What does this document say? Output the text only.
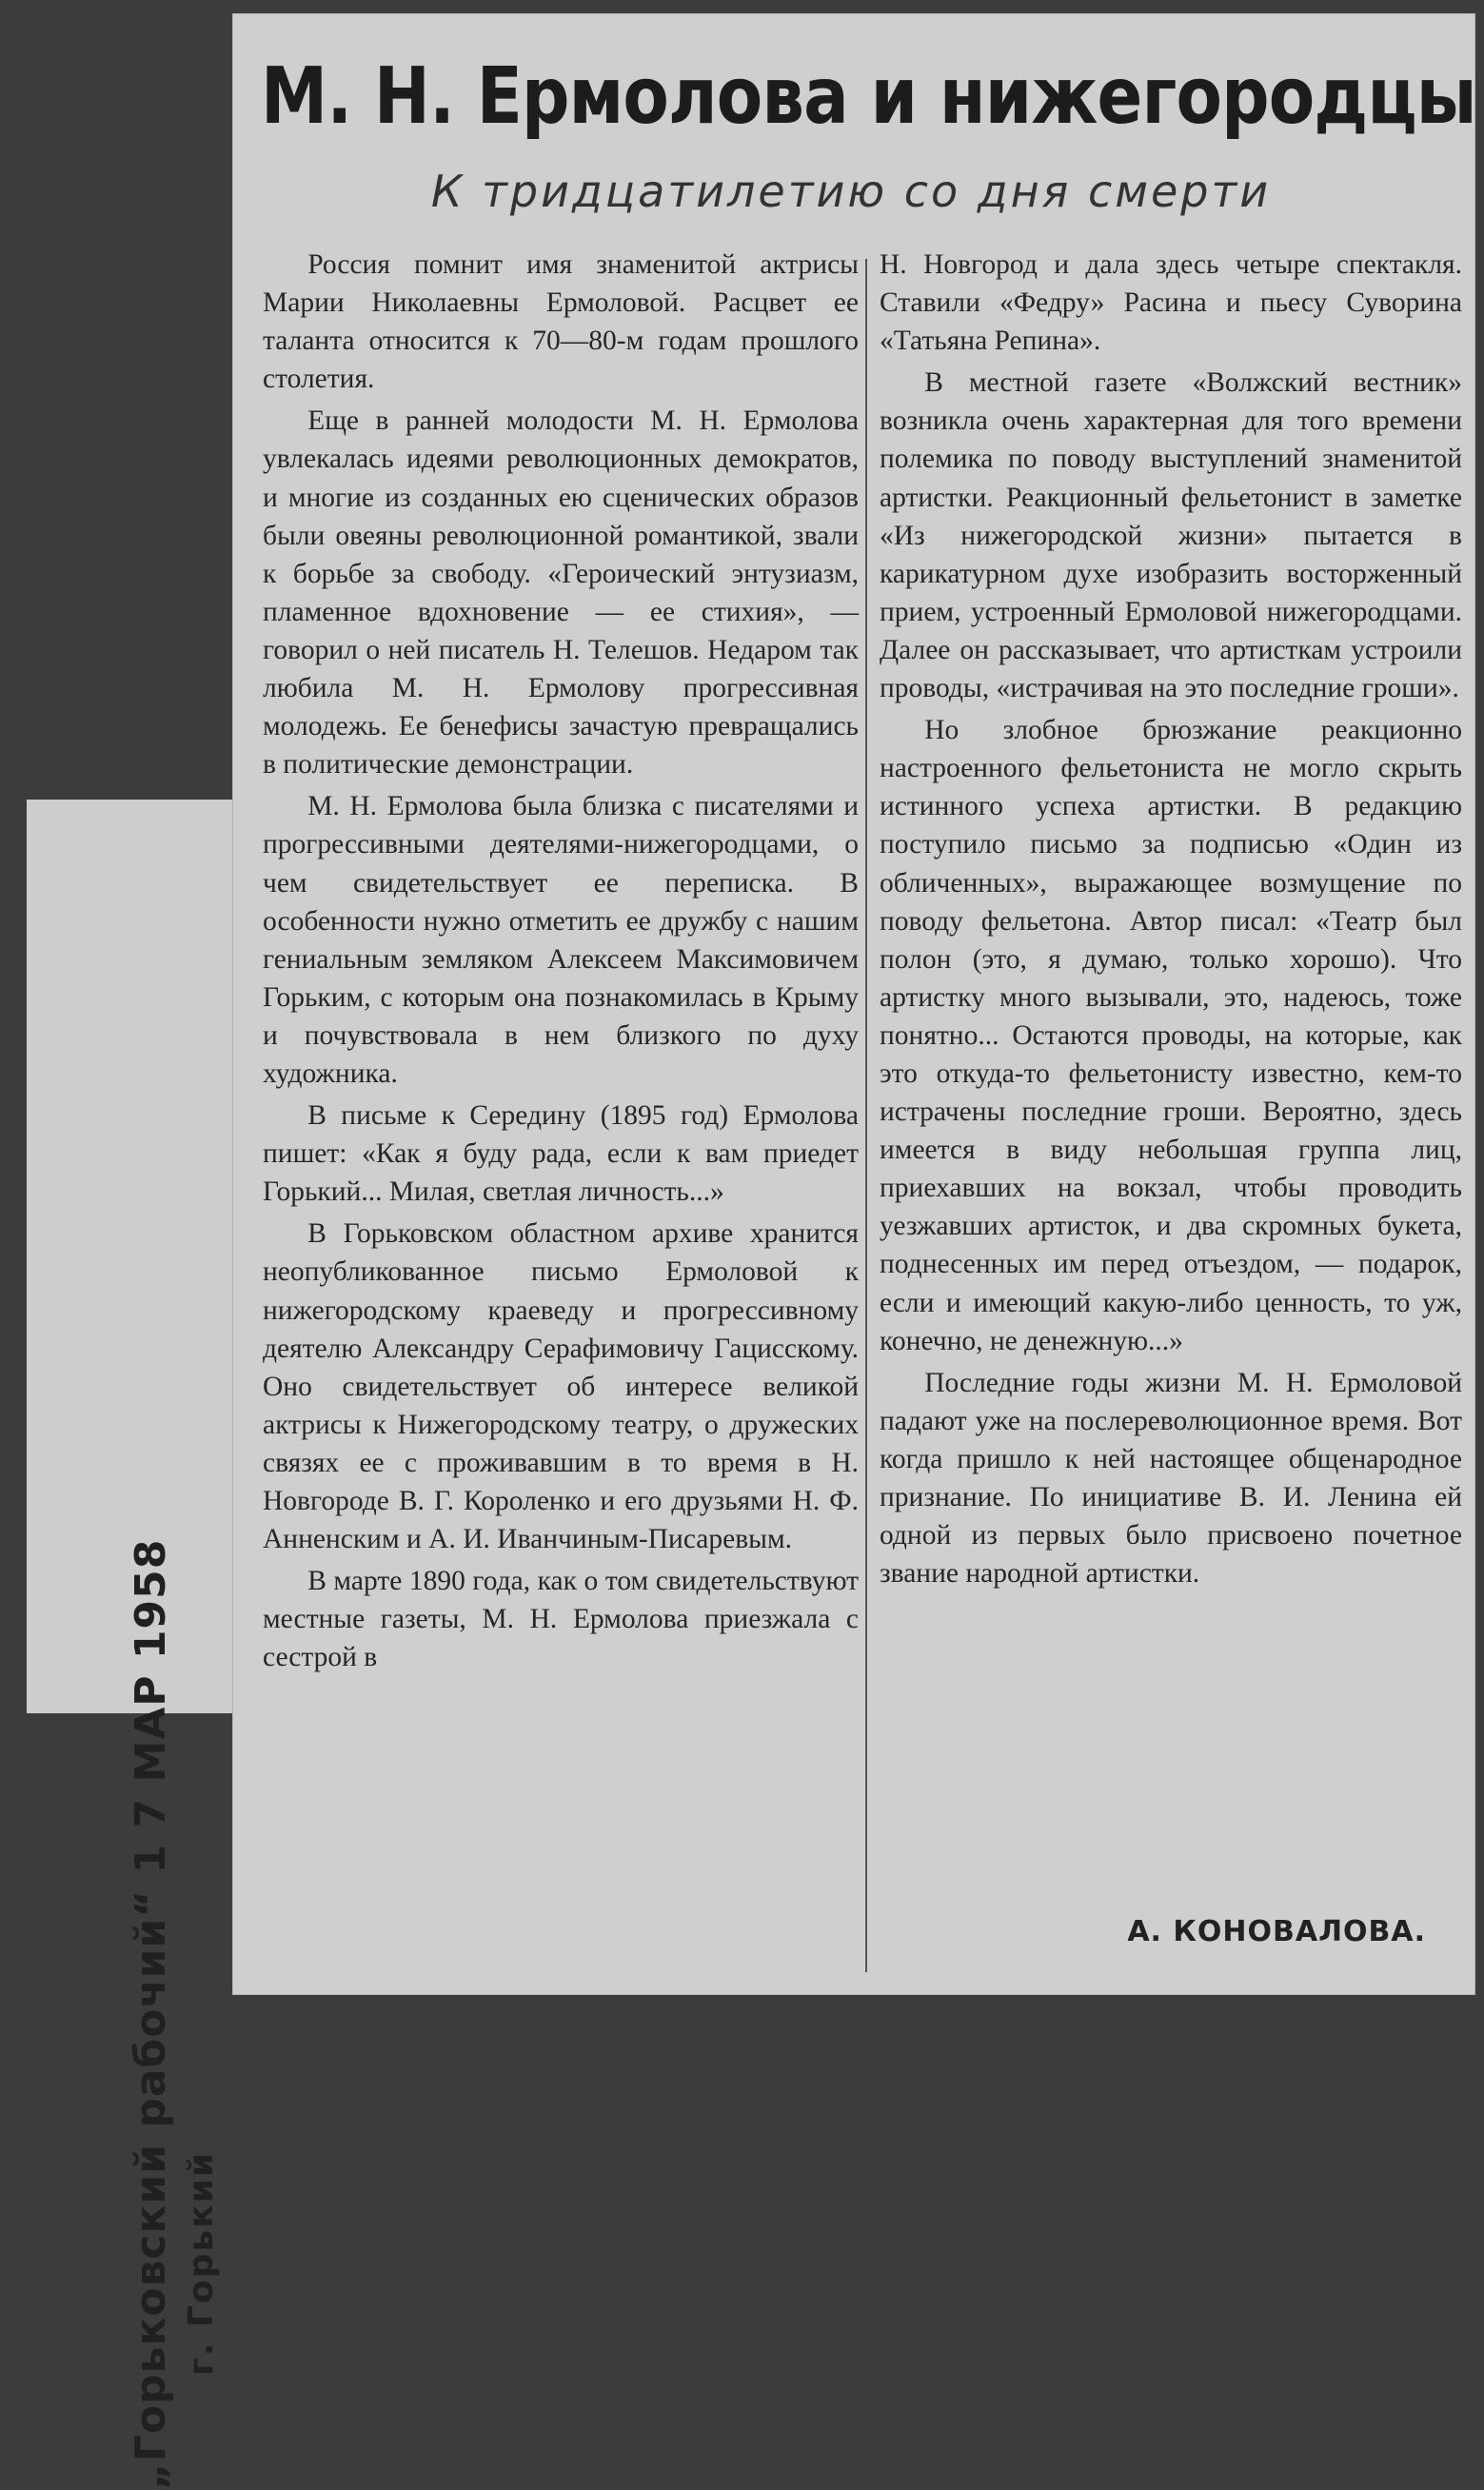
„Горьковский рабочий“ 1 7 МАР 1958 г. Горький
М. Н. Ермолова и нижегородцы
К тридцатилетию со дня смерти

Россия помнит имя знаменитой актрисы Марии Николаевны Ермоловой. Расцвет ее таланта относится к 70—80-м годам прошлого столетия.

Еще в ранней молодости М. Н. Ермолова увлекалась идеями революционных демократов, и многие из созданных ею сценических образов были овеяны революционной романтикой, звали к борьбе за свободу. «Героический энтузиазм, пламенное вдохновение — ее стихия», — говорил о ней писатель Н. Телешов. Недаром так любила М. Н. Ермолову прогрессивная молодежь. Ее бенефисы зачастую превращались в политические демонстрации.

М. Н. Ермолова была близка с писателями и прогрессивными деятелями-нижегородцами, о чем свидетельствует ее переписка. В особенности нужно отметить ее дружбу с нашим гениальным земляком Алексеем Максимовичем Горьким, с которым она познакомилась в Крыму и почувствовала в нем близкого по духу художника.

В письме к Середину (1895 год) Ермолова пишет: «Как я буду рада, если к вам приедет Горький... Милая, светлая личность...»

В Горьковском областном архиве хранится неопубликованное письмо Ермоловой к нижегородскому краеведу и прогрессивному деятелю Александру Серафимовичу Гацисскому. Оно свидетельствует об интересе великой актрисы к Нижегородскому театру, о дружеских связях ее с проживавшим в то время в Н. Новгороде В. Г. Короленко и его друзьями Н. Ф. Анненским и А. И. Иванчиным-Писаревым.

В марте 1890 года, как о том свидетельствуют местные газеты, М. Н. Ермолова приезжала с сестрой в

Н. Новгород и дала здесь четыре спектакля. Ставили «Федру» Расина и пьесу Суворина «Татьяна Репина».

В местной газете «Волжский вестник» возникла очень характерная для того времени полемика по поводу выступлений знаменитой артистки. Реакционный фельетонист в заметке «Из нижегородской жизни» пытается в карикатурном духе изобразить восторженный прием, устроенный Ермоловой нижегородцами. Далее он рассказывает, что артисткам устроили проводы, «истрачивая на это последние гроши».

Но злобное брюзжание реакционно настроенного фельетониста не могло скрыть истинного успеха артистки. В редакцию поступило письмо за подписью «Один из обличенных», выражающее возмущение по поводу фельетона. Автор писал: «Театр был полон (это, я думаю, только хорошо). Что артистку много вызывали, это, надеюсь, тоже понятно... Остаются проводы, на которые, как это откуда-то фельетонисту известно, кем-то истрачены последние гроши. Вероятно, здесь имеется в виду небольшая группа лиц, приехавших на вокзал, чтобы проводить уезжавших артисток, и два скромных букета, поднесенных им перед отъездом, — подарок, если и имеющий какую-либо ценность, то уж, конечно, не денежную...»

Последние годы жизни М. Н. Ермоловой падают уже на послереволюционное время. Вот когда пришло к ней настоящее общенародное признание. По инициативе В. И. Ленина ей одной из первых было присвоено почетное звание народной артистки.

А. КОНОВАЛОВА.
